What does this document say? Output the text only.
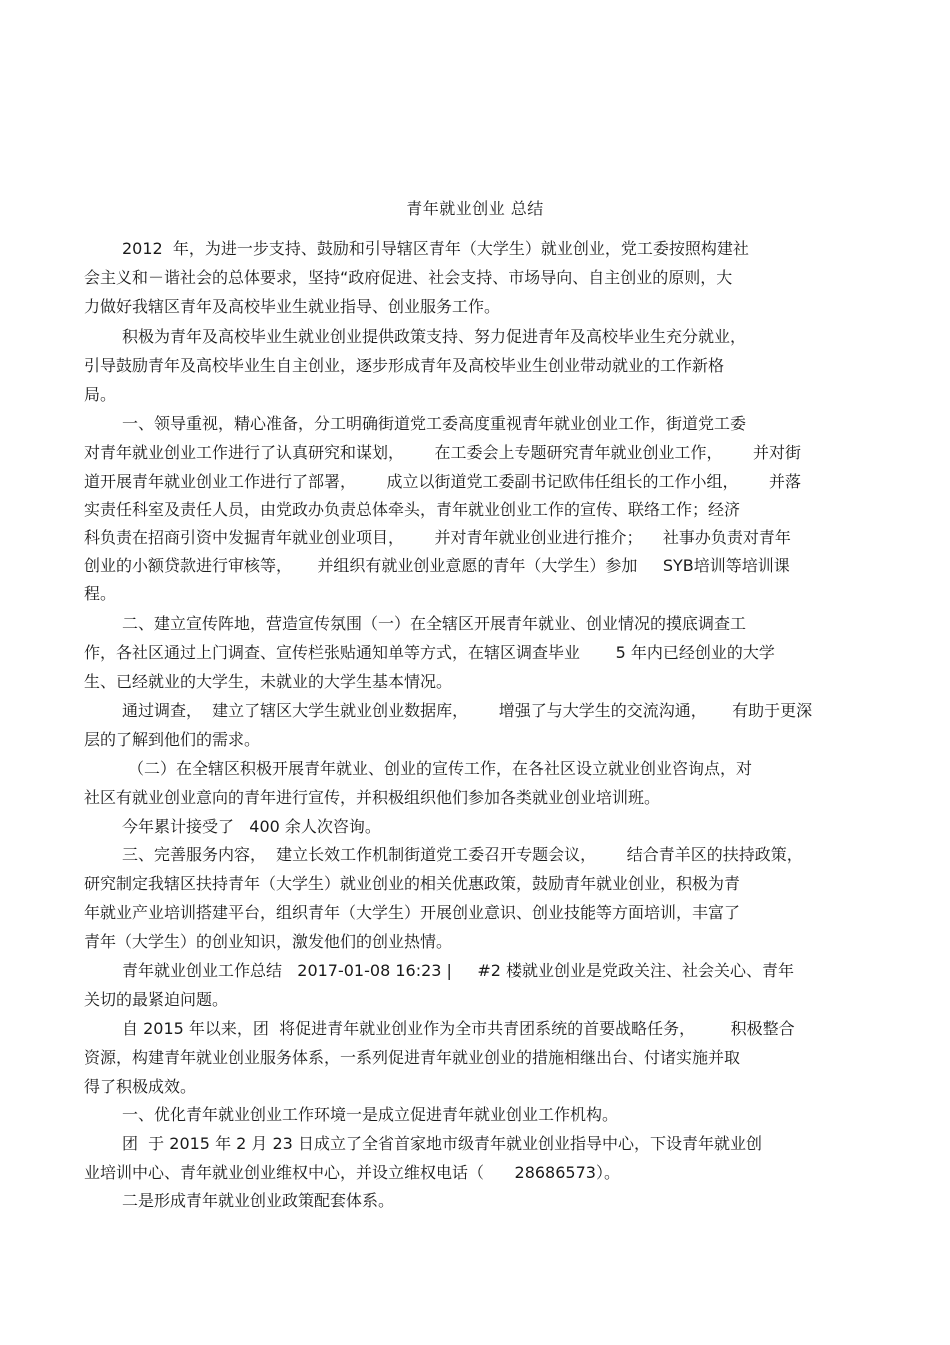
青年就业创业 总结
2012  年，为进一步支持、鼓励和引导辖区青年（大学生）就业创业，党工委按照构建社
会主义和－谐社会的总体要求，坚持“政府促进、社会支持、市场导向、自主创业的原则，大
力做好我辖区青年及高校毕业生就业指导、创业服务工作。
积极为青年及高校毕业生就业创业提供政策支持、努力促进青年及高校毕业生充分就业，
引导鼓励青年及高校毕业生自主创业，逐步形成青年及高校毕业生创业带动就业的工作新格
局。
一、领导重视，精心准备，分工明确街道党工委高度重视青年就业创业工作，街道党工委
对青年就业创业工作进行了认真研究和谋划，      在工委会上专题研究青年就业创业工作，      并对街
道开展青年就业创业工作进行了部署，      成立以街道党工委副书记欧伟任组长的工作小组，      并落
实责任科室及责任人员，由党政办负责总体牵头，青年就业创业工作的宣传、联络工作；经济
科负责在招商引资中发掘青年就业创业项目，      并对青年就业创业进行推介；    社事办负责对青年
创业的小额贷款进行审核等，     并组织有就业创业意愿的青年（大学生）参加     SYB培训等培训课
程。
二、建立宣传阵地，营造宣传氛围（一）在全辖区开展青年就业、创业情况的摸底调查工
作，各社区通过上门调查、宣传栏张贴通知单等方式，在辖区调查毕业       5 年内已经创业的大学
生、已经就业的大学生，未就业的大学生基本情况。
通过调查，  建立了辖区大学生就业创业数据库，      增强了与大学生的交流沟通，     有助于更深
层的了解到他们的需求。
（二）在全辖区积极开展青年就业、创业的宣传工作，在各社区设立就业创业咨询点，对
社区有就业创业意向的青年进行宣传，并积极组织他们参加各类就业创业培训班。
今年累计接受了   400 余人次咨询。
三、完善服务内容，  建立长效工作机制街道党工委召开专题会议，      结合青羊区的扶持政策，
研究制定我辖区扶持青年（大学生）就业创业的相关优惠政策，鼓励青年就业创业，积极为青
年就业产业培训搭建平台，组织青年（大学生）开展创业意识、创业技能等方面培训，丰富了
青年（大学生）的创业知识，激发他们的创业热情。
青年就业创业工作总结   2017-01-08 16:23 |     #2 楼就业创业是党政关注、社会关心、青年
关切的最紧迫问题。
自 2015 年以来，团  将促进青年就业创业作为全市共青团系统的首要战略任务，       积极整合
资源，构建青年就业创业服务体系，一系列促进青年就业创业的措施相继出台、付诸实施并取
得了积极成效。
一、优化青年就业创业工作环境一是成立促进青年就业创业工作机构。
团  于 2015 年 2 月 23 日成立了全省首家地市级青年就业创业指导中心，下设青年就业创
业培训中心、青年就业创业维权中心，并设立维权电话（      28686573）。
二是形成青年就业创业政策配套体系。
